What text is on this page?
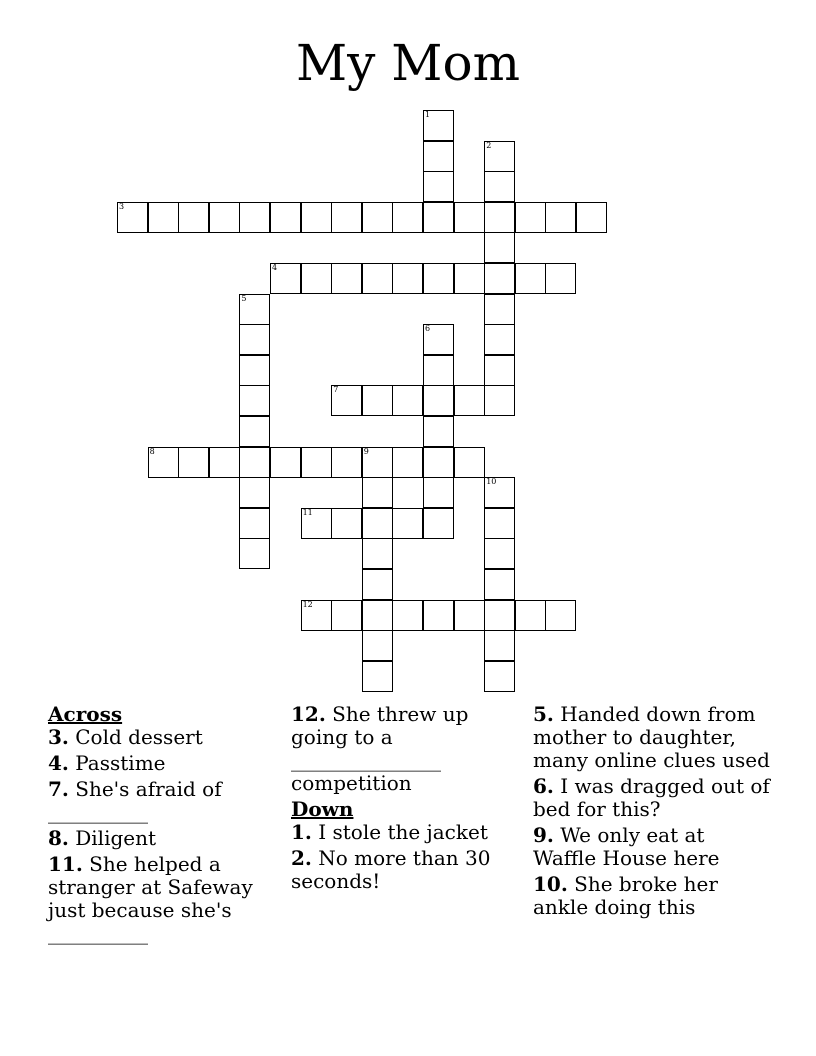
My Mom
3
4
7
8	9
11
12
1
2
5
6
10
Across
3. Cold dessert
4. Passtime
7. She's afraid of __________
8. Diligent
11. She helped a stranger at Safeway just because she's __________
12. She threw up going to a _______________ competition
Down
1. I stole the jacket
2. No more than 30 seconds!
5. Handed down from mother to daughter, many online clues used
6. I was dragged out of bed for this?
9. We only eat at Waffle House here
10. She broke her ankle doing this
